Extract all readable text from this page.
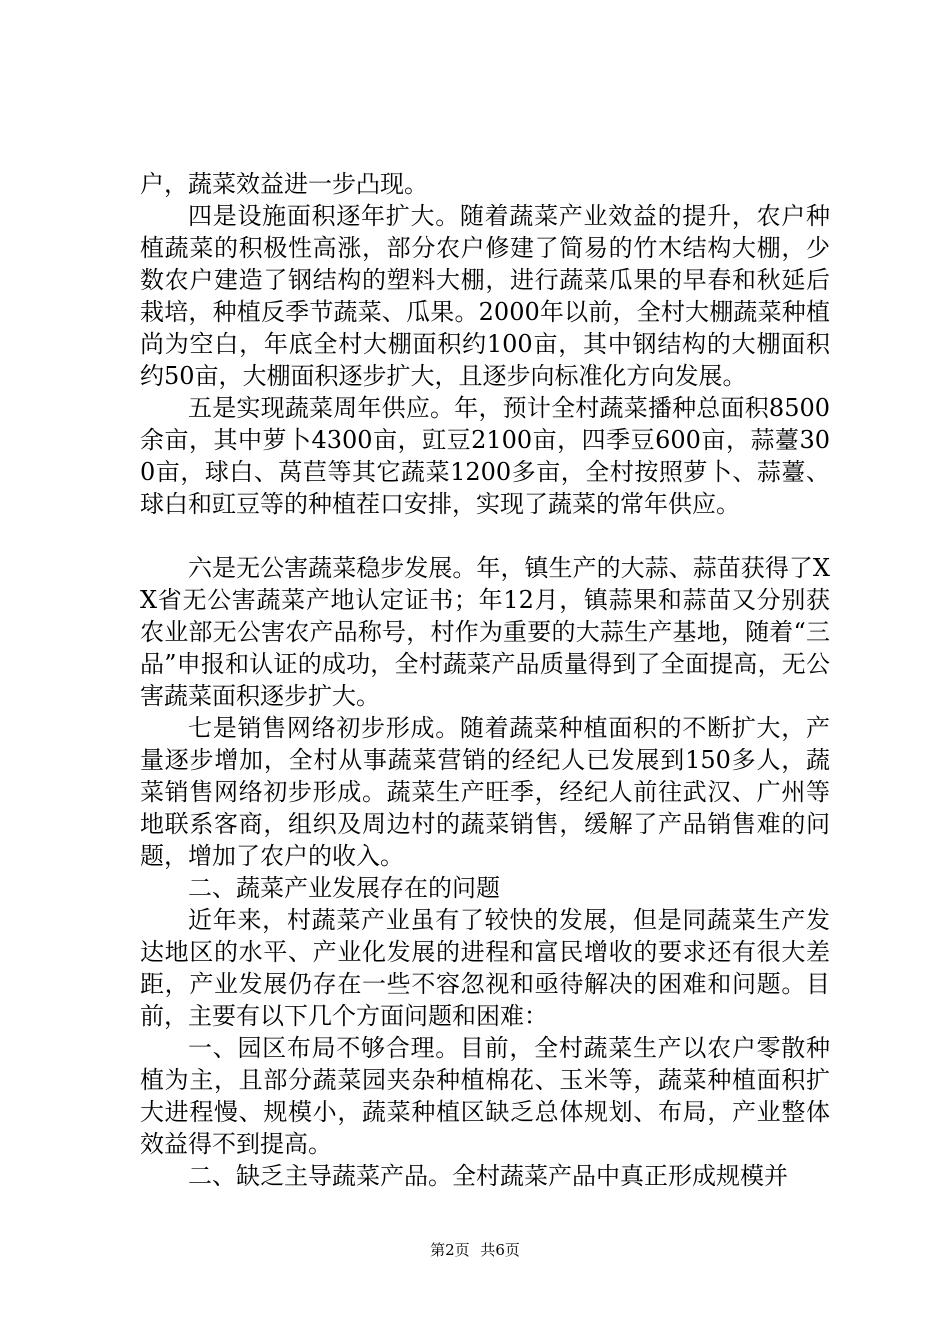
户，蔬菜效益进一步凸现。

四是设施面积逐年扩大。随着蔬菜产业效益的提升，农户种植蔬菜的积极性高涨，部分农户修建了简易的竹木结构大棚，少数农户建造了钢结构的塑料大棚，进行蔬菜瓜果的早春和秋延后栽培，种植反季节蔬菜、瓜果。2000年以前，全村大棚蔬菜种植尚为空白，年底全村大棚面积约100亩，其中钢结构的大棚面积约50亩，大棚面积逐步扩大，且逐步向标准化方向发展。

五是实现蔬菜周年供应。年，预计全村蔬菜播种总面积8500余亩，其中萝卜4300亩，豇豆2100亩，四季豆600亩，蒜薹300亩，球白、莴苣等其它蔬菜1200多亩，全村按照萝卜、蒜薹、球白和豇豆等的种植茬口安排，实现了蔬菜的常年供应。

六是无公害蔬菜稳步发展。年，镇生产的大蒜、蒜苗获得了XX省无公害蔬菜产地认定证书；年12月，镇蒜果和蒜苗又分别获农业部无公害农产品称号，村作为重要的大蒜生产基地，随着“三品”申报和认证的成功，全村蔬菜产品质量得到了全面提高，无公害蔬菜面积逐步扩大。

七是销售网络初步形成。随着蔬菜种植面积的不断扩大，产量逐步增加，全村从事蔬菜营销的经纪人已发展到150多人，蔬菜销售网络初步形成。蔬菜生产旺季，经纪人前往武汉、广州等地联系客商，组织及周边村的蔬菜销售，缓解了产品销售难的问题，增加了农户的收入。

二、蔬菜产业发展存在的问题

近年来，村蔬菜产业虽有了较快的发展，但是同蔬菜生产发达地区的水平、产业化发展的进程和富民增收的要求还有很大差距，产业发展仍存在一些不容忽视和亟待解决的困难和问题。目前，主要有以下几个方面问题和困难：

一、园区布局不够合理。目前，全村蔬菜生产以农户零散种植为主，且部分蔬菜园夹杂种植棉花、玉米等，蔬菜种植面积扩大进程慢、规模小，蔬菜种植区缺乏总体规划、布局，产业整体效益得不到提高。

二、缺乏主导蔬菜产品。全村蔬菜产品中真正形成规模并

第2页 共6页
